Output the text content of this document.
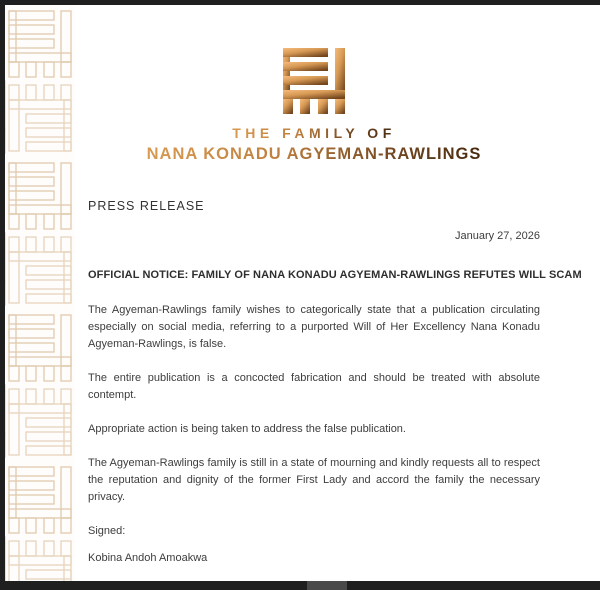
THE FAMILY OF
NANA KONADU AGYEMAN-RAWLINGS
PRESS RELEASE
January 27, 2026
OFFICIAL NOTICE: FAMILY OF NANA KONADU AGYEMAN-RAWLINGS REFUTES WILL SCAM

The Agyeman-Rawlings family wishes to categorically state that a publication circulating especially on social media, referring to a purported Will of Her Excellency Nana Konadu Agyeman-Rawlings, is false.

The entire publication is a concocted fabrication and should be treated with absolute contempt.

Appropriate action is being taken to address the false publication.

The Agyeman-Rawlings family is still in a state of mourning and kindly requests all to respect the reputation and dignity of the former First Lady and accord the family the necessary privacy.

Signed:

Kobina Andoh Amoakwa
